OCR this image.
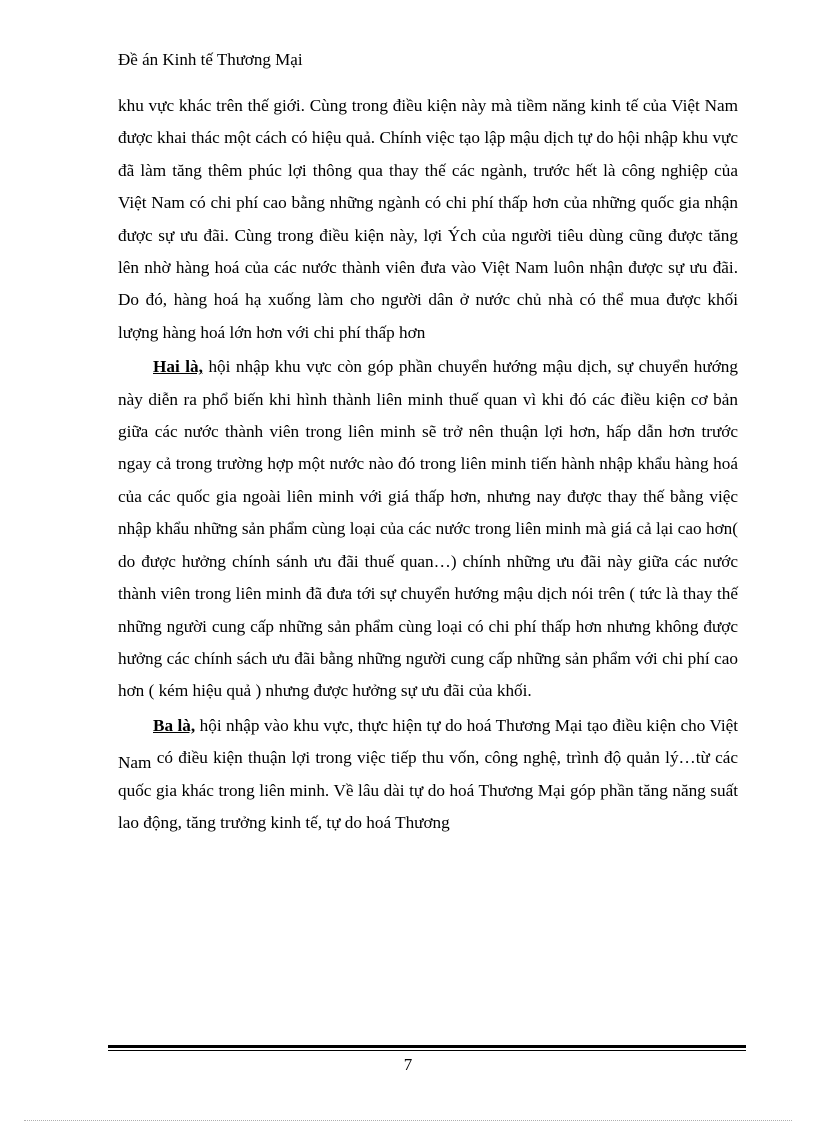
Đề án Kinh tế Thương Mại

khu vực khác trên thế giới. Cùng trong điều kiện này mà tiềm năng kinh tế của Việt Nam được khai thác một cách có hiệu quả. Chính việc tạo lập mậu dịch tự do hội nhập khu vực đã làm tăng thêm phúc lợi thông qua thay thế các ngành, trước hết là công nghiệp của Việt Nam có chi phí cao bằng những ngành có chi phí thấp hơn của những quốc gia nhận được sự ưu đãi. Cùng trong điều kiện này, lợi Ých của người tiêu dùng cũng được tăng lên nhờ hàng hoá của các nước thành viên đưa vào Việt Nam luôn nhận được sự ưu đãi. Do đó, hàng hoá hạ xuống làm cho người dân ở nước chủ nhà có thể mua được khối lượng hàng hoá lớn hơn với chi phí thấp hơn

Hai là, hội nhập khu vực còn góp phần chuyển hướng mậu dịch, sự chuyển hướng này diễn ra phổ biến khi hình thành liên minh thuế quan vì khi đó các điều kiện cơ bản giữa các nước thành viên trong liên minh sẽ trở nên thuận lợi hơn, hấp dẫn hơn trước ngay cả trong trường hợp một nước nào đó trong liên minh tiến hành nhập khẩu hàng hoá của các quốc gia ngoài liên minh với giá thấp hơn, nhưng nay được thay thế bằng việc nhập khẩu những sản phẩm cùng loại của các nước trong liên minh mà giá cả lại cao hơn( do được hưởng chính sánh ưu đãi thuế quan…) chính những ưu đãi này giữa các nước thành viên trong liên minh đã đưa tới sự chuyển hướng mậu dịch nói trên ( tức là thay thế những người cung cấp những sản phẩm cùng loại có chi phí thấp hơn nhưng không được hưởng các chính sách ưu đãi bằng những người cung cấp những sản phẩm với chi phí cao hơn ( kém hiệu quả ) nhưng được hưởng sự ưu đãi của khối.

Ba là, hội nhập vào khu vực, thực hiện tự do hoá Thương Mại tạo điều kiện cho Việt Nam có điều kiện thuận lợi trong việc tiếp thu vốn, công nghệ, trình độ quản lý…từ các quốc gia khác trong liên minh. Về lâu dài tự do hoá Thương Mại góp phần tăng năng suất lao động, tăng trưởng kinh tế, tự do hoá Thương

7
